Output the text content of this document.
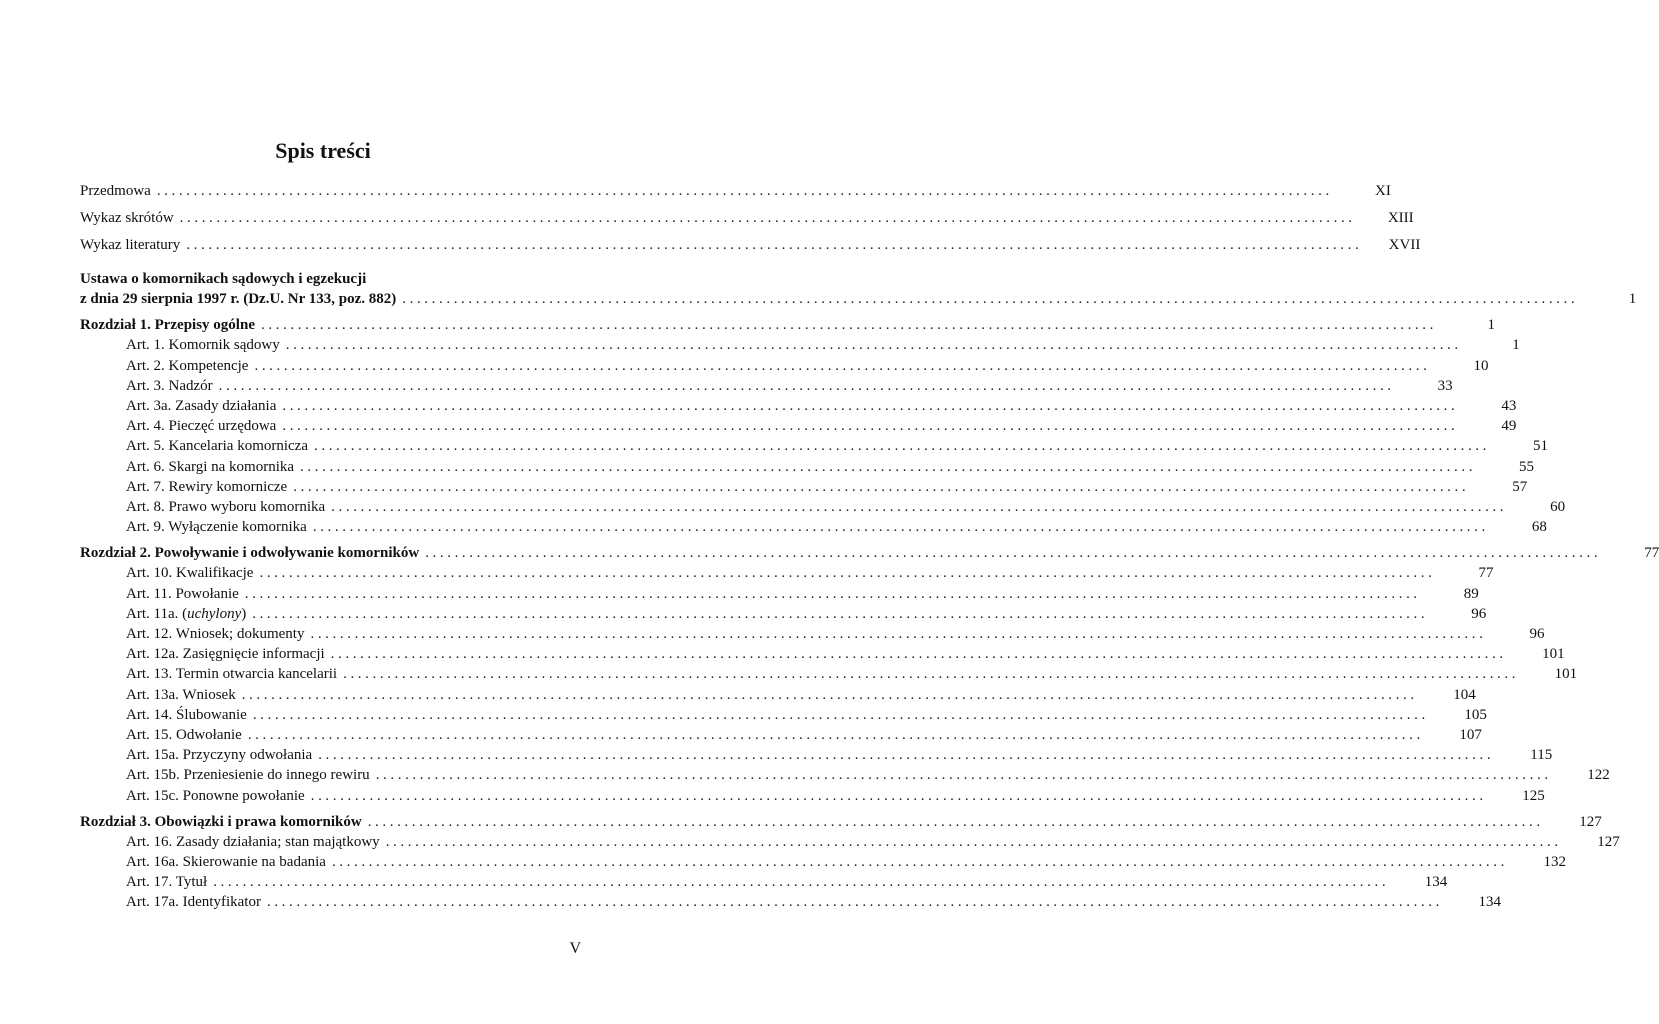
Spis treści
Przedmowa ................................................................................................................................................................	XI
Wykaz skrótów ................................................................................................................................................................	XIII
Wykaz literatury ................................................................................................................................................................	XVII
Ustawa o komornikach sądowych i egzekucji
z dnia 29 sierpnia 1997 r. (Dz.U. Nr 133, poz. 882) ................................................................................................................................................................	1
Rozdział 1. Przepisy ogólne ................................................................................................................................................................	1
Art. 1. Komornik sądowy ................................................................................................................................................................	1
Art. 2. Kompetencje ................................................................................................................................................................	10
Art. 3. Nadzór ................................................................................................................................................................	33
Art. 3a. Zasady działania ................................................................................................................................................................	43
Art. 4. Pieczęć urzędowa ................................................................................................................................................................	49
Art. 5. Kancelaria komornicza ................................................................................................................................................................	51
Art. 6. Skargi na komornika ................................................................................................................................................................	55
Art. 7. Rewiry komornicze ................................................................................................................................................................	57
Art. 8. Prawo wyboru komornika ................................................................................................................................................................	60
Art. 9. Wyłączenie komornika ................................................................................................................................................................	68
Rozdział 2. Powoływanie i odwoływanie komorników ................................................................................................................................................................	77
Art. 10. Kwalifikacje ................................................................................................................................................................	77
Art. 11. Powołanie ................................................................................................................................................................	89
Art. 11a. (uchylony) ................................................................................................................................................................	96
Art. 12. Wniosek; dokumenty ................................................................................................................................................................	96
Art. 12a. Zasięgnięcie informacji ................................................................................................................................................................	101
Art. 13. Termin otwarcia kancelarii ................................................................................................................................................................	101
Art. 13a. Wniosek ................................................................................................................................................................	104
Art. 14. Ślubowanie ................................................................................................................................................................	105
Art. 15. Odwołanie ................................................................................................................................................................	107
Art. 15a. Przyczyny odwołania ................................................................................................................................................................	115
Art. 15b. Przeniesienie do innego rewiru ................................................................................................................................................................	122
Art. 15c. Ponowne powołanie ................................................................................................................................................................	125
Rozdział 3. Obowiązki i prawa komorników ................................................................................................................................................................	127
Art. 16. Zasady działania; stan majątkowy ................................................................................................................................................................	127
Art. 16a. Skierowanie na badania ................................................................................................................................................................	132
Art. 17. Tytuł ................................................................................................................................................................	134
Art. 17a. Identyfikator ................................................................................................................................................................	134
V
